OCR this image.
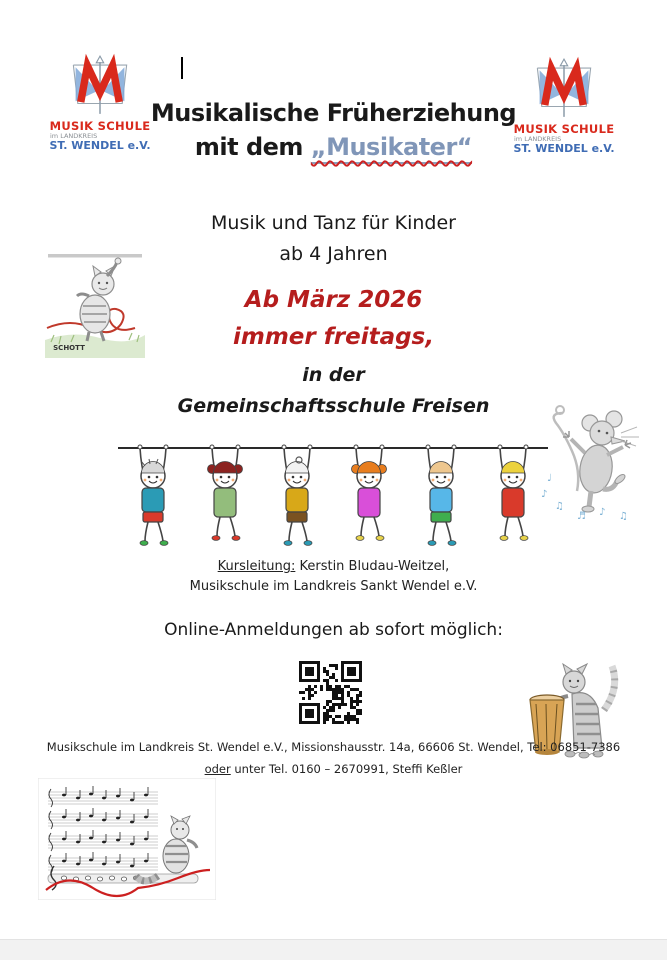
MUSIK SCHULE
im LANDKREIS
ST. WENDEL e.V.
MUSIK SCHULE
im LANDKREIS
ST. WENDEL e.V.
Musikalische Früherziehung
mit dem „Musikater“
Musik und Tanz für Kinder
ab 4 Jahren
Ab März 2026
immer freitags,
in der
Gemeinschaftsschule Freisen
SCHOTT
♪
♫
♬ ♪ ♫
♩
Kursleitung: Kerstin Bludau-Weitzel,
Musikschule im Landkreis Sankt Wendel e.V.
Online-Anmeldungen ab sofort möglich:
Musikschule im Landkreis St. Wendel e.V., Missionshausstr. 14a, 66606 St. Wendel, Tel: 06851-7386
oder unter Tel. 0160 – 2670991, Steffi Keßler
